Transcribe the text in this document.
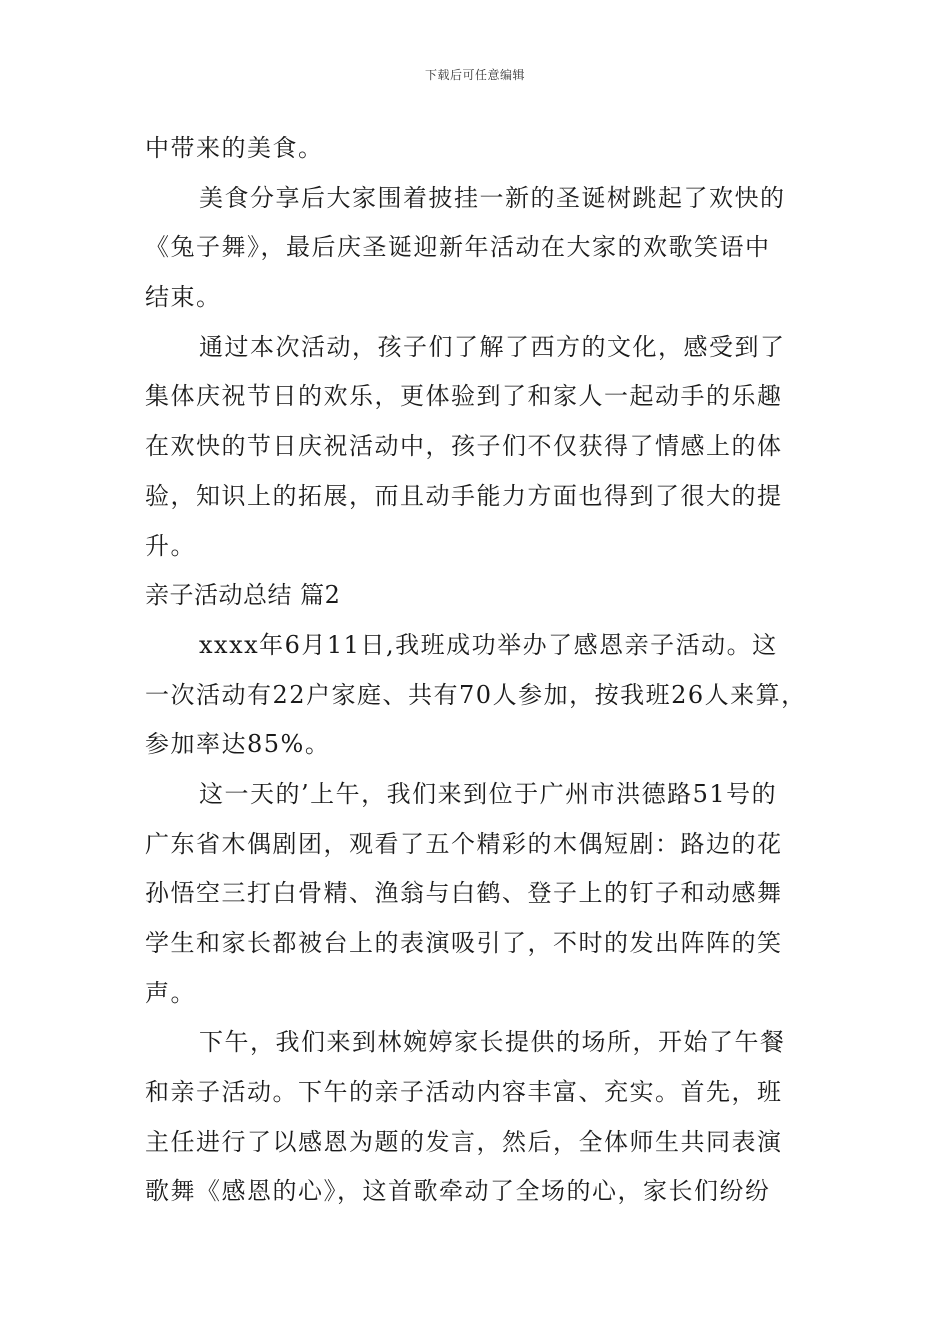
下载后可任意编辑
中带来的美食。
美食分享后大家围着披挂一新的圣诞树跳起了欢快的
《兔子舞》，最后庆圣诞迎新年活动在大家的欢歌笑语中
结束。
通过本次活动，孩子们了解了西方的文化，感受到了
集体庆祝节日的欢乐，更体验到了和家人一起动手的乐趣
在欢快的节日庆祝活动中，孩子们不仅获得了情感上的体
验，知识上的拓展，而且动手能力方面也得到了很大的提
升。
亲子活动总结 篇2
xxxx年6月11日,我班成功举办了感恩亲子活动。这
一次活动有22户家庭、共有70人参加，按我班26人来算，
参加率达85%。
这一天的’上午，我们来到位于广州市洪德路51号的
广东省木偶剧团，观看了五个精彩的木偶短剧：路边的花
孙悟空三打白骨精、渔翁与白鹤、登子上的钉子和动感舞
学生和家长都被台上的表演吸引了，不时的发出阵阵的笑
声。
下午，我们来到林婉婷家长提供的场所，开始了午餐
和亲子活动。下午的亲子活动内容丰富、充实。首先，班
主任进行了以感恩为题的发言，然后，全体师生共同表演
歌舞《感恩的心》，这首歌牵动了全场的心，家长们纷纷
